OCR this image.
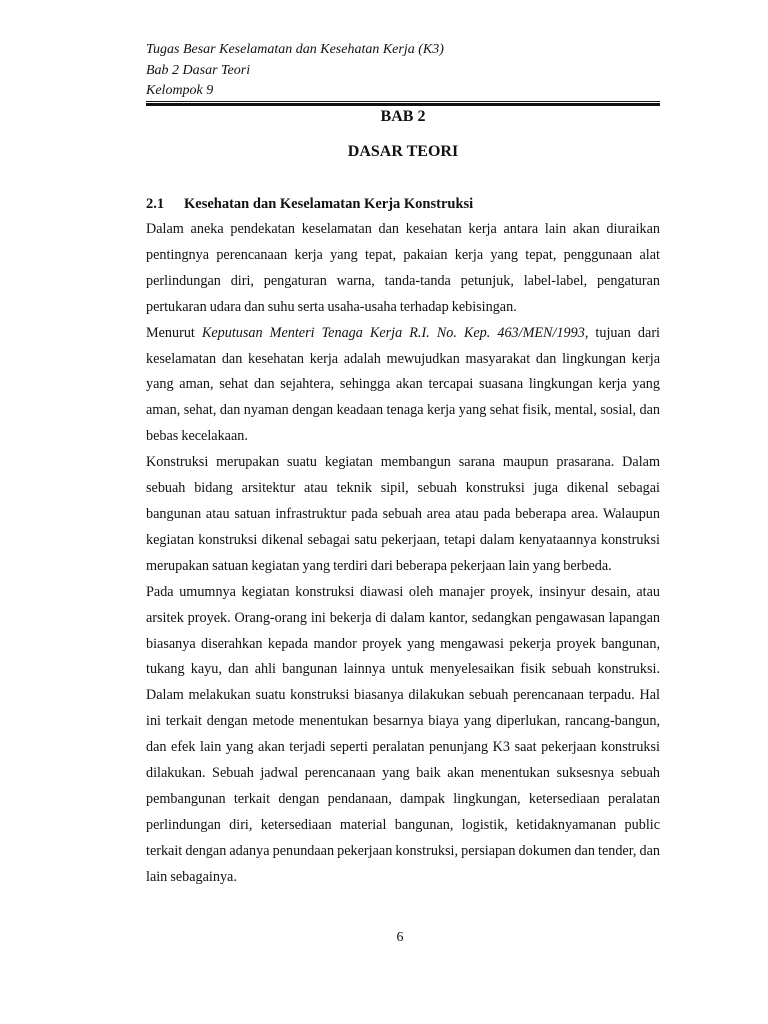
Tugas Besar Keselamatan dan Kesehatan Kerja (K3)
Bab 2 Dasar Teori
Kelompok 9
BAB 2
DASAR TEORI
2.1 Kesehatan dan Keselamatan Kerja Konstruksi

Dalam aneka pendekatan keselamatan dan kesehatan kerja antara lain akan diuraikan pentingnya perencanaan kerja yang tepat, pakaian kerja yang tepat, penggunaan alat perlindungan diri, pengaturan warna, tanda-tanda petunjuk, label-label, pengaturan pertukaran udara dan suhu serta usaha-usaha terhadap kebisingan.

Menurut Keputusan Menteri Tenaga Kerja R.I. No. Kep. 463/MEN/1993, tujuan dari keselamatan dan kesehatan kerja adalah mewujudkan masyarakat dan lingkungan kerja yang aman, sehat dan sejahtera, sehingga akan tercapai suasana lingkungan kerja yang aman, sehat, dan nyaman dengan keadaan tenaga kerja yang sehat fisik, mental, sosial, dan bebas kecelakaan.

Konstruksi merupakan suatu kegiatan membangun sarana maupun prasarana. Dalam sebuah bidang arsitektur atau teknik sipil, sebuah konstruksi juga dikenal sebagai bangunan atau satuan infrastruktur pada sebuah area atau pada beberapa area. Walaupun kegiatan konstruksi dikenal sebagai satu pekerjaan, tetapi dalam kenyataannya konstruksi merupakan satuan kegiatan yang terdiri dari beberapa pekerjaan lain yang berbeda.

Pada umumnya kegiatan konstruksi diawasi oleh manajer proyek, insinyur desain, atau arsitek proyek. Orang-orang ini bekerja di dalam kantor, sedangkan pengawasan lapangan biasanya diserahkan kepada mandor proyek yang mengawasi pekerja proyek bangunan, tukang kayu, dan ahli bangunan lainnya untuk menyelesaikan fisik sebuah konstruksi. Dalam melakukan suatu konstruksi biasanya dilakukan sebuah perencanaan terpadu. Hal ini terkait dengan metode menentukan besarnya biaya yang diperlukan, rancang-bangun, dan efek lain yang akan terjadi seperti peralatan penunjang K3 saat pekerjaan konstruksi dilakukan. Sebuah jadwal perencanaan yang baik akan menentukan suksesnya sebuah pembangunan terkait dengan pendanaan, dampak lingkungan, ketersediaan peralatan perlindungan diri, ketersediaan material bangunan, logistik, ketidaknyamanan public terkait dengan adanya penundaan pekerjaan konstruksi, persiapan dokumen dan tender, dan lain sebagainya.

6
